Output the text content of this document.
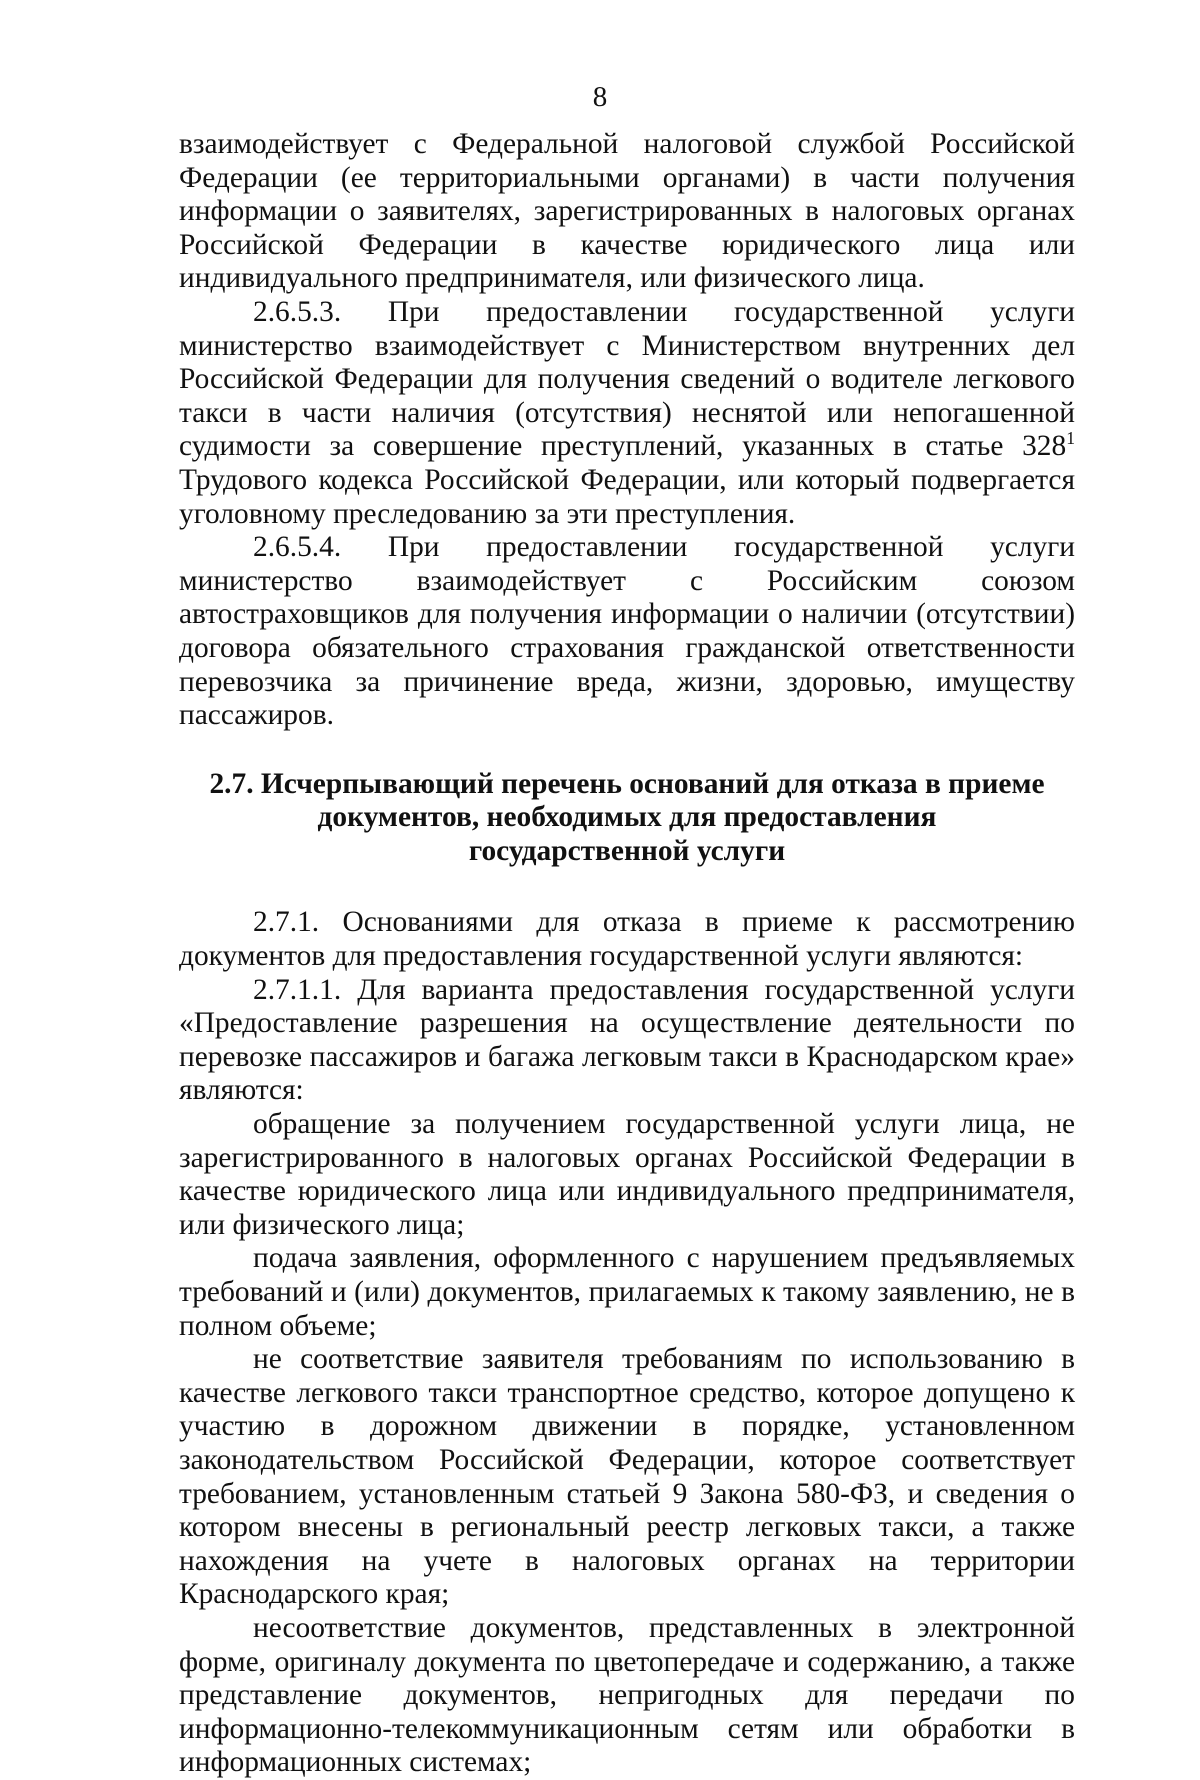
8

взаимодействует с Федеральной налоговой службой Российской Федерации (ее территориальными органами) в части получения информации о заявителях, зарегистрированных в налоговых органах Российской Федерации в качестве юридического лица или индивидуального предпринимателя, или физического лица.

2.6.5.3. При предоставлении государственной услуги министерство взаимодействует с Министерством внутренних дел Российской Федерации для получения сведений о водителе легкового такси в части наличия (отсутствия) неснятой или непогашенной судимости за совершение преступлений, указанных в статье $328^1$ Трудового кодекса Российской Федерации, или который подвергается уголовному преследованию за эти преступления.

2.6.5.4. При предоставлении государственной услуги министерство взаимодействует с Российским союзом автостраховщиков для получения информации о наличии (отсутствии) договора обязательного страхования гражданской ответственности перевозчика за причинение вреда, жизни, здоровью, имуществу пассажиров.

2.7. Исчерпывающий перечень оснований для отказа в приеме
документов, необходимых для предоставления
государственной услуги

2.7.1. Основаниями для отказа в приеме к рассмотрению документов для предоставления государственной услуги являются:

2.7.1.1. Для варианта предоставления государственной услуги «Предоставление разрешения на осуществление деятельности по перевозке пассажиров и багажа легковым такси в Краснодарском крае» являются:

обращение за получением государственной услуги лица, не зарегистрированного в налоговых органах Российской Федерации в качестве юридического лица или индивидуального предпринимателя, или физического лица;

подача заявления, оформленного с нарушением предъявляемых требований и (или) документов, прилагаемых к такому заявлению, не в полном объеме;

не соответствие заявителя требованиям по использованию в качестве легкового такси транспортное средство, которое допущено к участию в дорожном движении в порядке, установленном законодательством Российской Федерации, которое соответствует требованием, установленным статьей 9 Закона 580-ФЗ, и сведения о котором внесены в региональный реестр легковых такси, а также нахождения на учете в налоговых органах на территории Краснодарского края;

несоответствие документов, представленных в электронной форме, оригиналу документа по цветопередаче и содержанию, а также представление документов, непригодных для передачи по информационно-телекоммуникационным сетям или обработки в информационных системах;
